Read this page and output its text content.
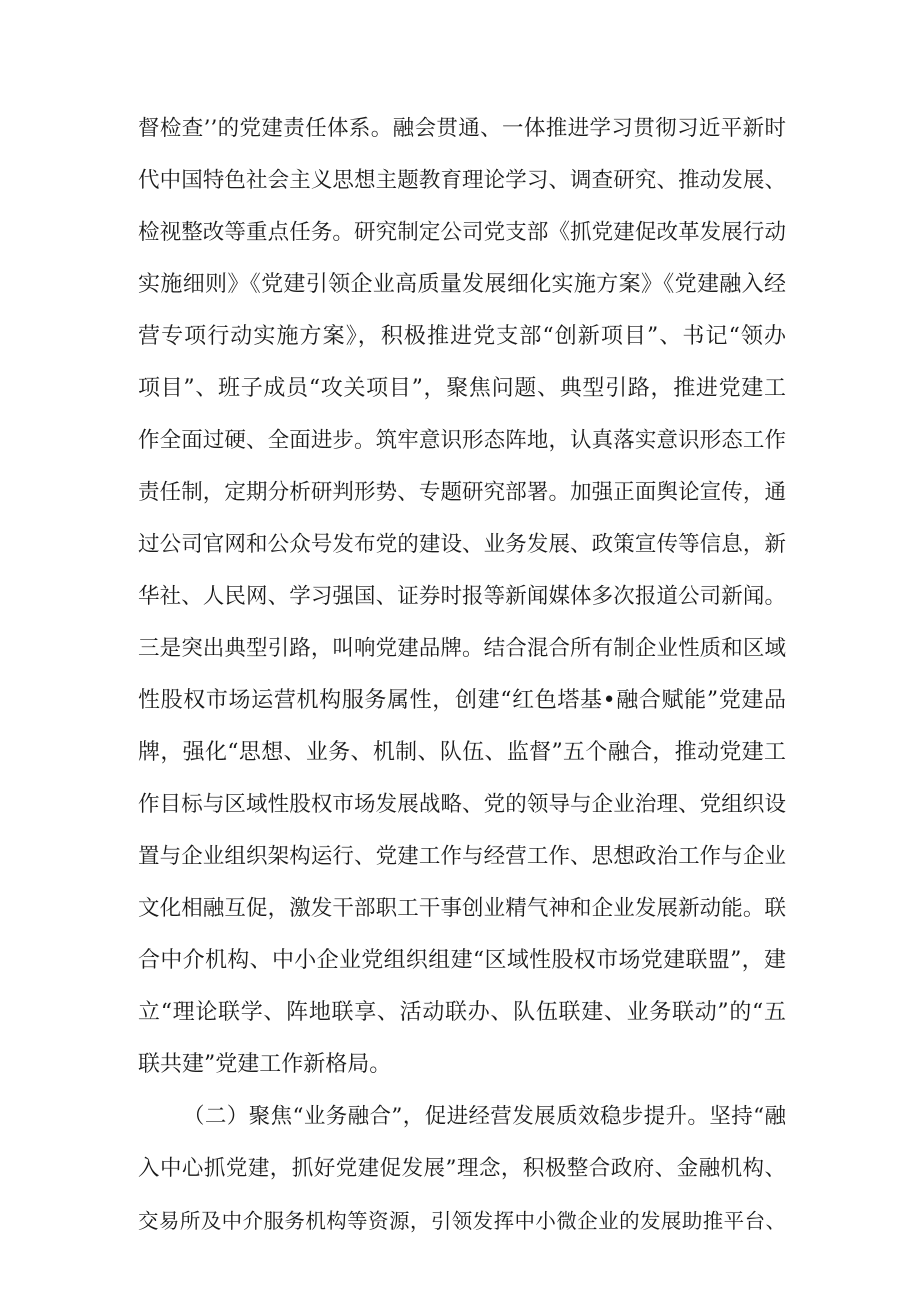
督检查’’的党建责任体系。融会贯通、一体推进学习贯彻习近平新时
代中国特色社会主义思想主题教育理论学习、调查研究、推动发展、
检视整改等重点任务。研究制定公司党支部《抓党建促改革发展行动
实施细则》《党建引领企业高质量发展细化实施方案》《党建融入经
营专项行动实施方案》，积极推进党支部“创新项目”、书记“领办
项目”、班子成员“攻关项目”，聚焦问题、典型引路，推进党建工
作全面过硬、全面进步。筑牢意识形态阵地，认真落实意识形态工作
责任制，定期分析研判形势、专题研究部署。加强正面舆论宣传，通
过公司官网和公众号发布党的建设、业务发展、政策宣传等信息，新
华社、人民网、学习强国、证券时报等新闻媒体多次报道公司新闻。
三是突出典型引路，叫响党建品牌。结合混合所有制企业性质和区域
性股权市场运营机构服务属性，创建“红色塔基•融合赋能”党建品
牌，强化“思想、业务、机制、队伍、监督”五个融合，推动党建工
作目标与区域性股权市场发展战略、党的领导与企业治理、党组织设
置与企业组织架构运行、党建工作与经营工作、思想政治工作与企业
文化相融互促，激发干部职工干事创业精气神和企业发展新动能。联
合中介机构、中小企业党组织组建“区域性股权市场党建联盟”，建
立“理论联学、阵地联享、活动联办、队伍联建、业务联动”的“五
联共建”党建工作新格局。
（二）聚焦“业务融合”，促进经营发展质效稳步提升。坚持“融
入中心抓党建，抓好党建促发展”理念，积极整合政府、金融机构、
交易所及中介服务机构等资源，引领发挥中小微企业的发展助推平台、
